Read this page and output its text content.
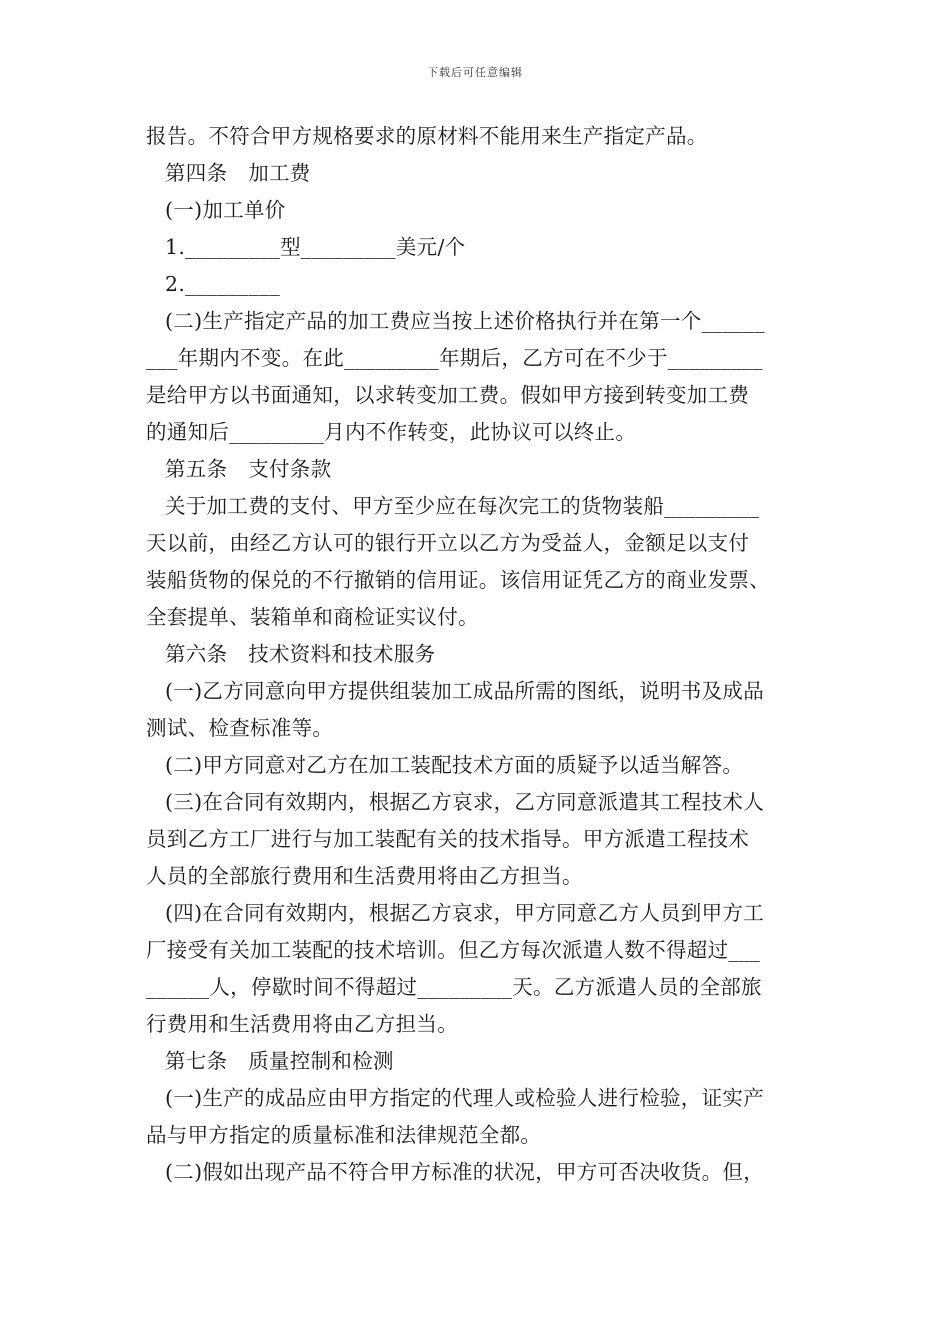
下载后可任意编辑
报告。不符合甲方规格要求的原材料不能用来生产指定产品。
第四条　加工费
(一)加工单价
1._________型_________美元/个
2._________
(二)生产指定产品的加工费应当按上述价格执行并在第一个______
___年期内不变。在此_________年期后，乙方可在不少于_________
是给甲方以书面通知，以求转变加工费。假如甲方接到转变加工费
的通知后_________月内不作转变，此协议可以终止。
第五条　支付条款
关于加工费的支付、甲方至少应在每次完工的货物装船_________
天以前，由经乙方认可的银行开立以乙方为受益人，金额足以支付
装船货物的保兑的不行撤销的信用证。该信用证凭乙方的商业发票、
全套提单、装箱单和商检证实议付。
第六条　技术资料和技术服务
(一)乙方同意向甲方提供组装加工成品所需的图纸，说明书及成品
测试、检查标准等。
(二)甲方同意对乙方在加工装配技术方面的质疑予以适当解答。
(三)在合同有效期内，根据乙方哀求，乙方同意派遣其工程技术人
员到乙方工厂进行与加工装配有关的技术指导。甲方派遣工程技术
人员的全部旅行费用和生活费用将由乙方担当。
(四)在合同有效期内，根据乙方哀求，甲方同意乙方人员到甲方工
厂接受有关加工装配的技术培训。但乙方每次派遣人数不得超过___
______人，停歇时间不得超过_________天。乙方派遣人员的全部旅
行费用和生活费用将由乙方担当。
第七条　质量控制和检测
(一)生产的成品应由甲方指定的代理人或检验人进行检验，证实产
品与甲方指定的质量标准和法律规范全都。
(二)假如出现产品不符合甲方标准的状况，甲方可否决收货。但，
